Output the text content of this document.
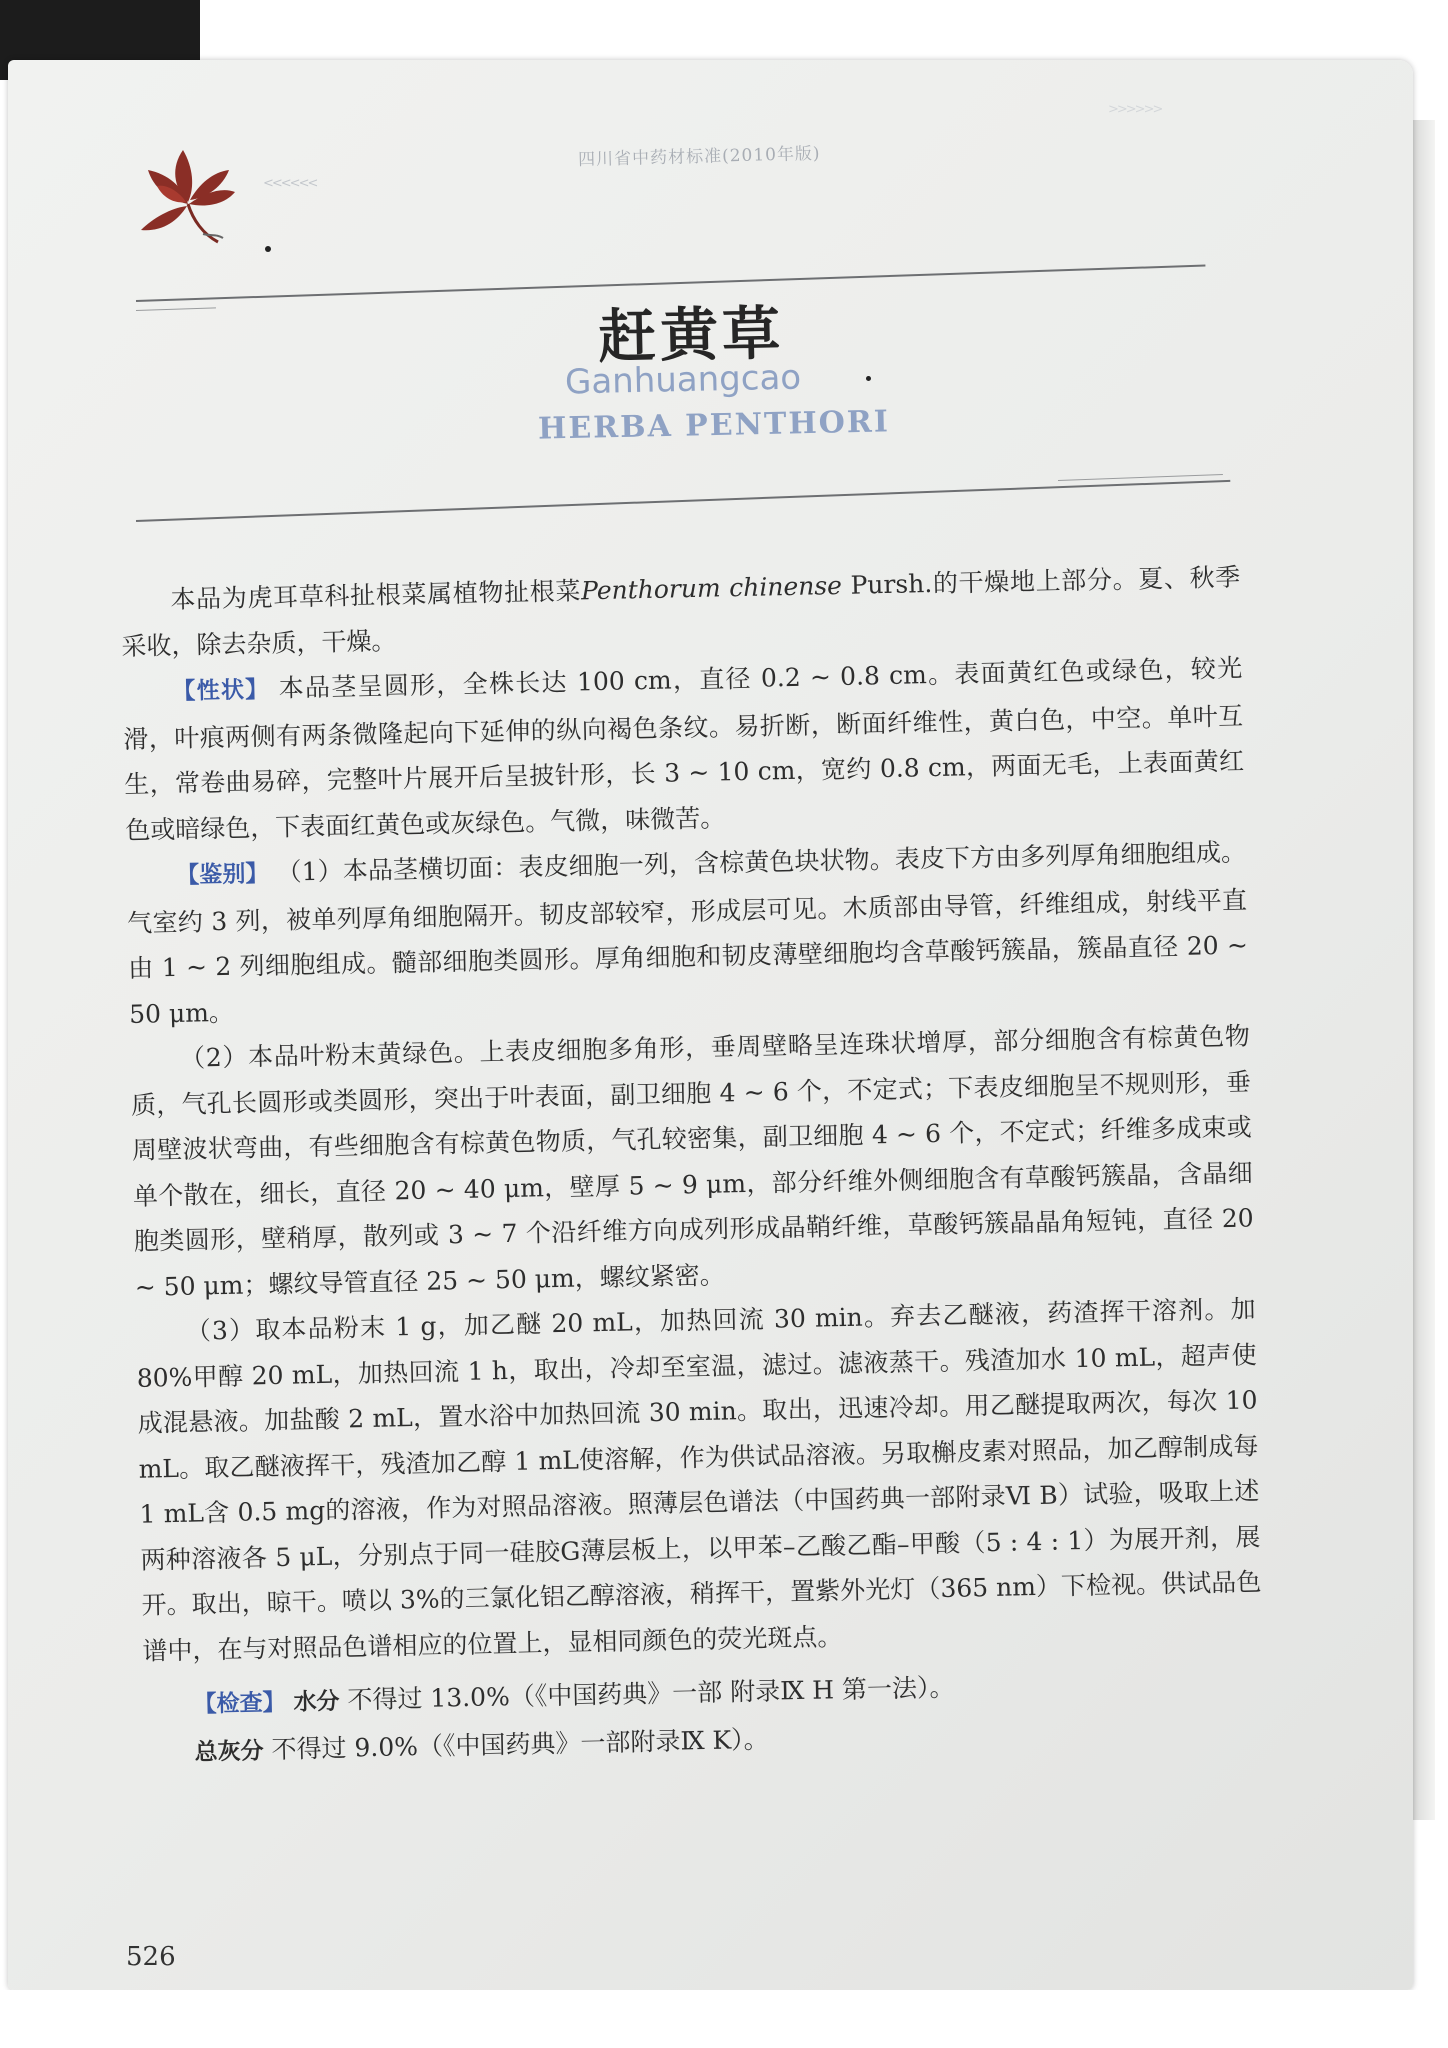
<<<<<<
>>>>>>
四川省中药材标准(2010年版)
赶黄草
Ganhuangcao
HERBA PENTHORI

本品为虎耳草科扯根菜属植物扯根菜Penthorum chinense Pursh.的干燥地上部分。夏、秋季采收，除去杂质，干燥。

【性状】 本品茎呈圆形，全株长达 100 cm，直径 0.2 ~ 0.8 cm。表面黄红色或绿色，较光滑，叶痕两侧有两条微隆起向下延伸的纵向褐色条纹。易折断，断面纤维性，黄白色，中空。单叶互生，常卷曲易碎，完整叶片展开后呈披针形，长 3 ~ 10 cm，宽约 0.8 cm，两面无毛，上表面黄红色或暗绿色，下表面红黄色或灰绿色。气微，味微苦。

【鉴别】 （1）本品茎横切面：表皮细胞一列，含棕黄色块状物。表皮下方由多列厚角细胞组成。气室约 3 列，被单列厚角细胞隔开。韧皮部较窄，形成层可见。木质部由导管，纤维组成，射线平直由 1 ~ 2 列细胞组成。髓部细胞类圆形。厚角细胞和韧皮薄壁细胞均含草酸钙簇晶，簇晶直径 20 ~ 50 μm。

（2）本品叶粉末黄绿色。上表皮细胞多角形，垂周壁略呈连珠状增厚，部分细胞含有棕黄色物质，气孔长圆形或类圆形，突出于叶表面，副卫细胞 4 ~ 6 个，不定式；下表皮细胞呈不规则形，垂周壁波状弯曲，有些细胞含有棕黄色物质，气孔较密集，副卫细胞 4 ~ 6 个，不定式；纤维多成束或单个散在，细长，直径 20 ~ 40 μm，壁厚 5 ~ 9 μm，部分纤维外侧细胞含有草酸钙簇晶，含晶细胞类圆形，壁稍厚，散列或 3 ~ 7 个沿纤维方向成列形成晶鞘纤维，草酸钙簇晶晶角短钝，直径 20 ~ 50 μm；螺纹导管直径 25 ~ 50 μm，螺纹紧密。

（3）取本品粉末 1 g，加乙醚 20 mL，加热回流 30 min。弃去乙醚液，药渣挥干溶剂。加 80%甲醇 20 mL，加热回流 1 h，取出，冷却至室温，滤过。滤液蒸干。残渣加水 10 mL，超声使成混悬液。加盐酸 2 mL，置水浴中加热回流 30 min。取出，迅速冷却。用乙醚提取两次，每次 10 mL。取乙醚液挥干，残渣加乙醇 1 mL使溶解，作为供试品溶液。另取槲皮素对照品，加乙醇制成每 1 mL含 0.5 mg的溶液，作为对照品溶液。照薄层色谱法（中国药典一部附录Ⅵ B）试验，吸取上述两种溶液各 5 μL，分别点于同一硅胶G薄层板上，以甲苯–乙酸乙酯–甲酸（5 : 4 : 1）为展开剂，展开。取出，晾干。喷以 3%的三氯化铝乙醇溶液，稍挥干，置紫外光灯（365 nm）下检视。供试品色谱中，在与对照品色谱相应的位置上，显相同颜色的荧光斑点。

【检查】 水分 不得过 13.0%（《中国药典》一部 附录Ⅸ H 第一法）。

总灰分 不得过 9.0%（《中国药典》一部附录Ⅸ K）。

526
